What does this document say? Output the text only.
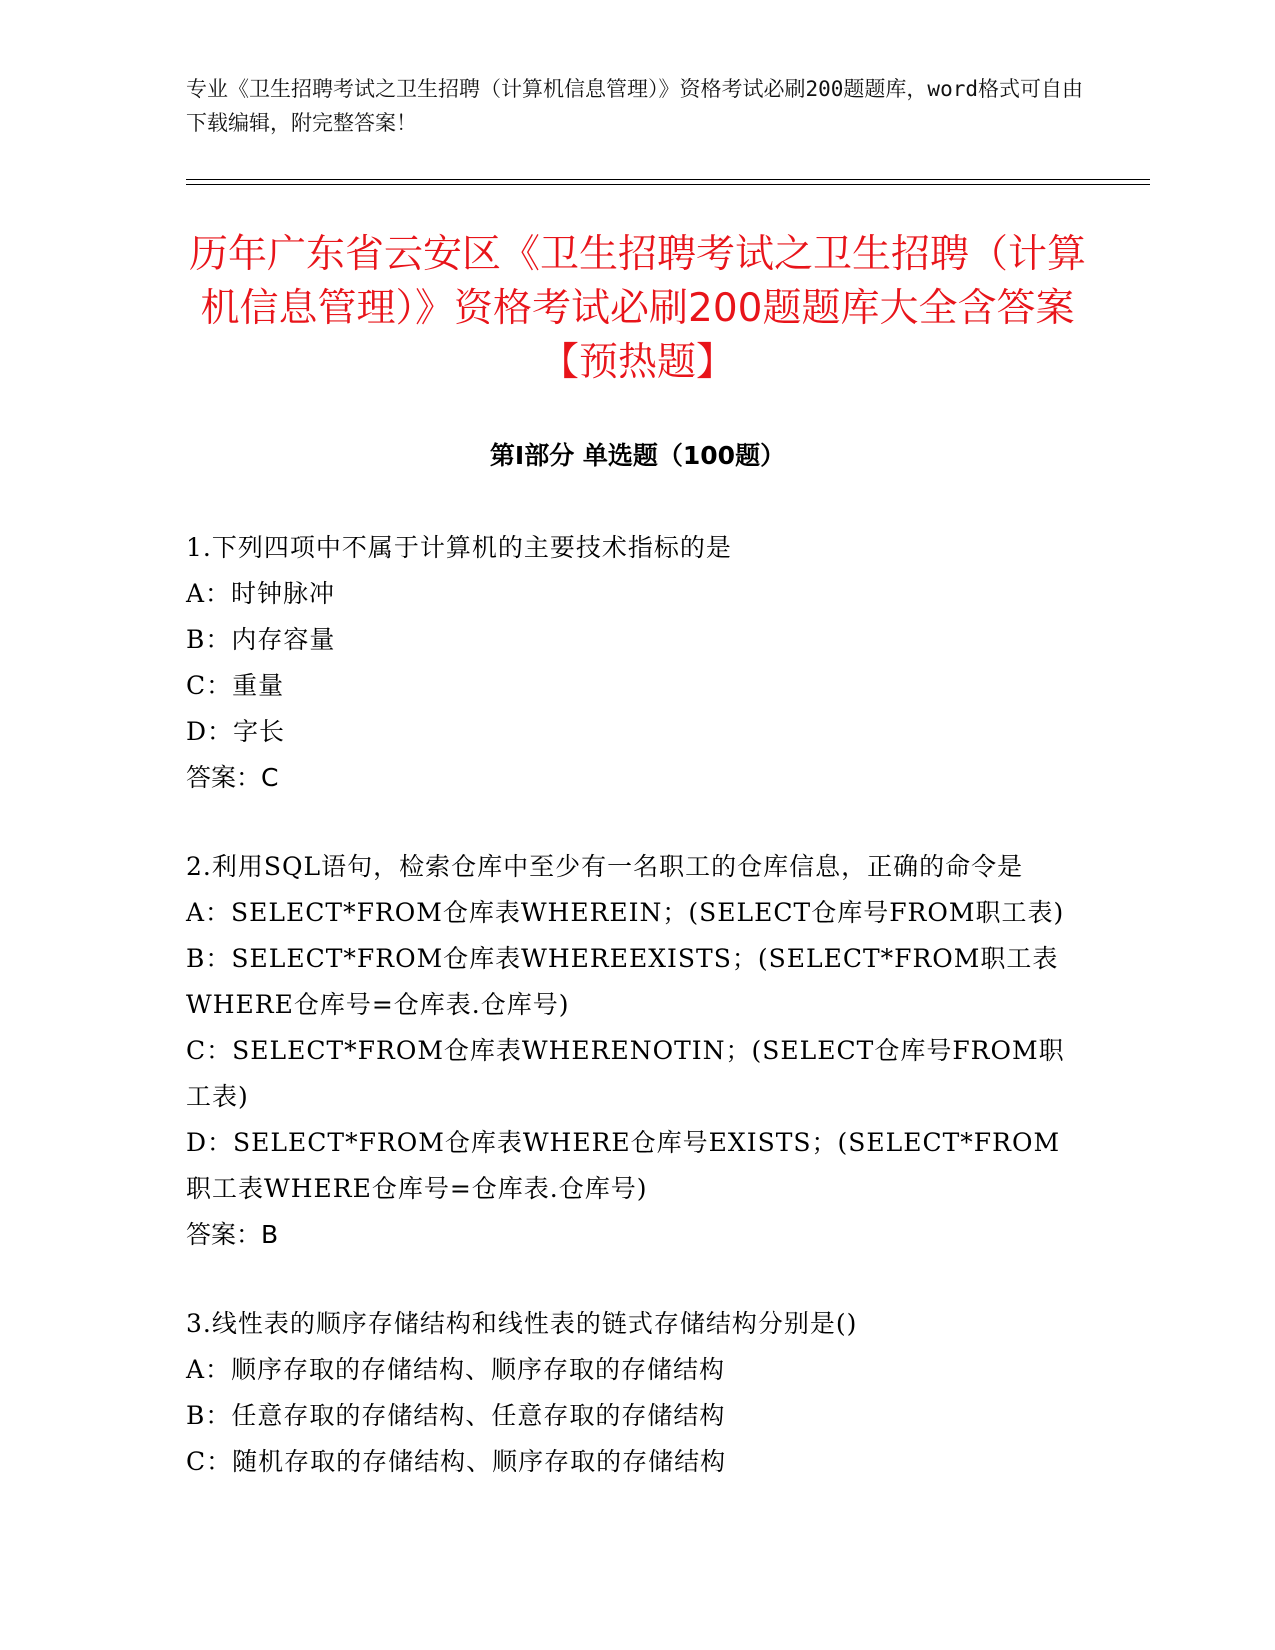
专业《卫生招聘考试之卫生招聘（计算机信息管理）》资格考试必刷200题题库，word格式可自由下载编辑，附完整答案！
历年广东省云安区《卫生招聘考试之卫生招聘（计算机信息管理）》资格考试必刷200题题库大全含答案【预热题】
第Ⅰ部分 单选题（100题）

1.下列四项中不属于计算机的主要技术指标的是

A：时钟脉冲

B：内存容量

C：重量

D：字长

答案：C

2.利用SQL语句，检索仓库中至少有一名职工的仓库信息，正确的命令是

A：SELECT*FROM仓库表WHEREIN；(SELECT仓库号FROM职工表)

B：SELECT*FROM仓库表WHEREEXISTS；(SELECT*FROM职工表WHERE仓库号=仓库表.仓库号)

C：SELECT*FROM仓库表WHERENOTIN；(SELECT仓库号FROM职工表)

D：SELECT*FROM仓库表WHERE仓库号EXISTS；(SELECT*FROM职工表WHERE仓库号=仓库表.仓库号)

答案：B

3.线性表的顺序存储结构和线性表的链式存储结构分别是()

A：顺序存取的存储结构、顺序存取的存储结构

B：任意存取的存储结构、任意存取的存储结构

C：随机存取的存储结构、顺序存取的存储结构
